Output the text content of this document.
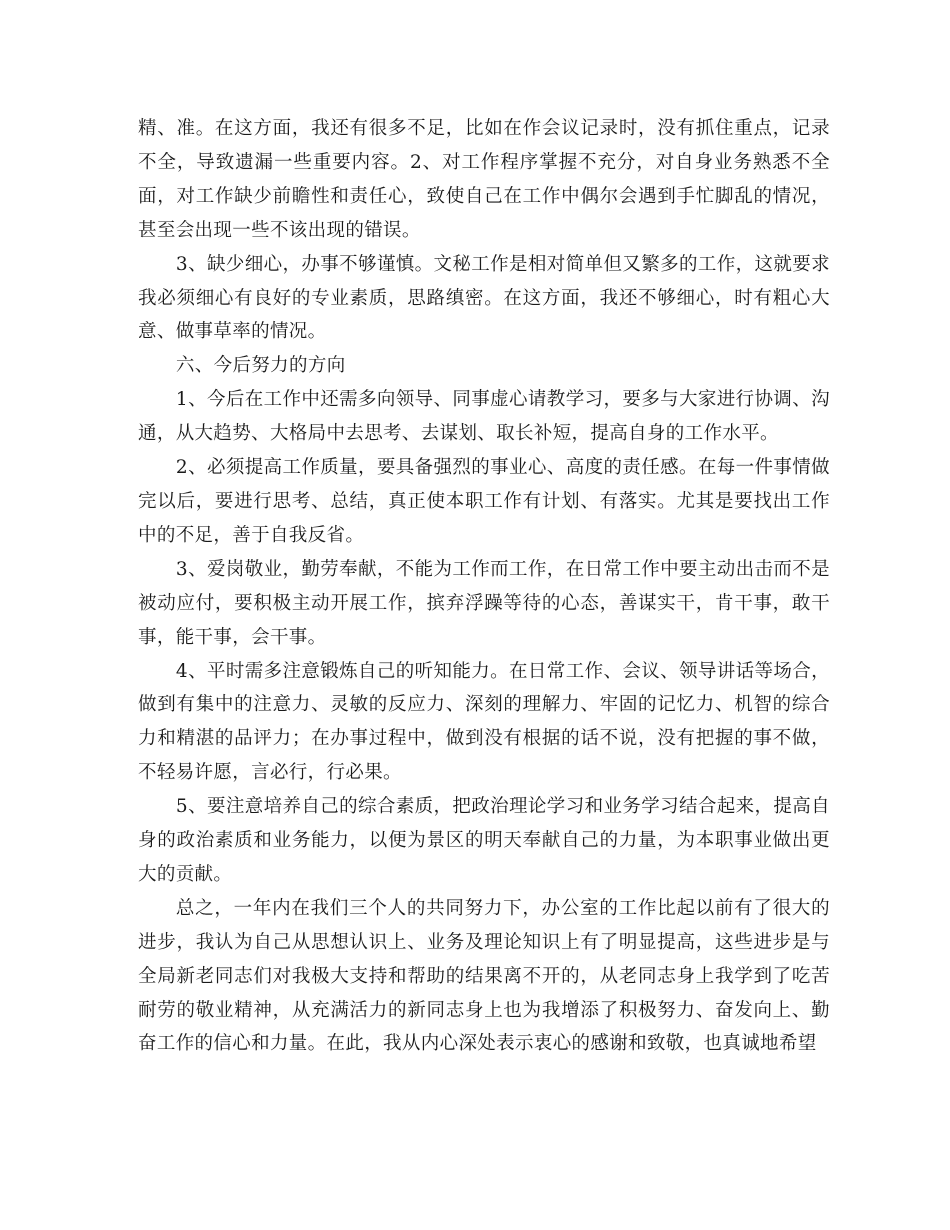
精、准。在这方面，我还有很多不足，比如在作会议记录时，没有抓住重点，记录不全，导致遗漏一些重要内容。2、对工作程序掌握不充分，对自身业务熟悉不全面，对工作缺少前瞻性和责任心，致使自己在工作中偶尔会遇到手忙脚乱的情况，甚至会出现一些不该出现的错误。

3、缺少细心，办事不够谨慎。文秘工作是相对简单但又繁多的工作，这就要求我必须细心有良好的专业素质，思路缜密。在这方面，我还不够细心，时有粗心大意、做事草率的情况。

六、今后努力的方向

1、今后在工作中还需多向领导、同事虚心请教学习，要多与大家进行协调、沟通，从大趋势、大格局中去思考、去谋划、取长补短，提高自身的工作水平。

2、必须提高工作质量，要具备强烈的事业心、高度的责任感。在每一件事情做完以后，要进行思考、总结，真正使本职工作有计划、有落实。尤其是要找出工作中的不足，善于自我反省。

3、爱岗敬业，勤劳奉献，不能为工作而工作，在日常工作中要主动出击而不是被动应付，要积极主动开展工作，摈弃浮躁等待的心态，善谋实干，肯干事，敢干事，能干事，会干事。

4、平时需多注意锻炼自己的听知能力。在日常工作、会议、领导讲话等场合，做到有集中的注意力、灵敏的反应力、深刻的理解力、牢固的记忆力、机智的综合力和精湛的品评力；在办事过程中，做到没有根据的话不说，没有把握的事不做，不轻易许愿，言必行，行必果。

5、要注意培养自己的综合素质，把政治理论学习和业务学习结合起来，提高自身的政治素质和业务能力，以便为景区的明天奉献自己的力量，为本职事业做出更大的贡献。

总之，一年内在我们三个人的共同努力下，办公室的工作比起以前有了很大的进步，我认为自己从思想认识上、业务及理论知识上有了明显提高，这些进步是与全局新老同志们对我极大支持和帮助的结果离不开的，从老同志身上我学到了吃苦耐劳的敬业精神，从充满活力的新同志身上也为我增添了积极努力、奋发向上、勤奋工作的信心和力量。在此，我从内心深处表示衷心的感谢和致敬，也真诚地希望
